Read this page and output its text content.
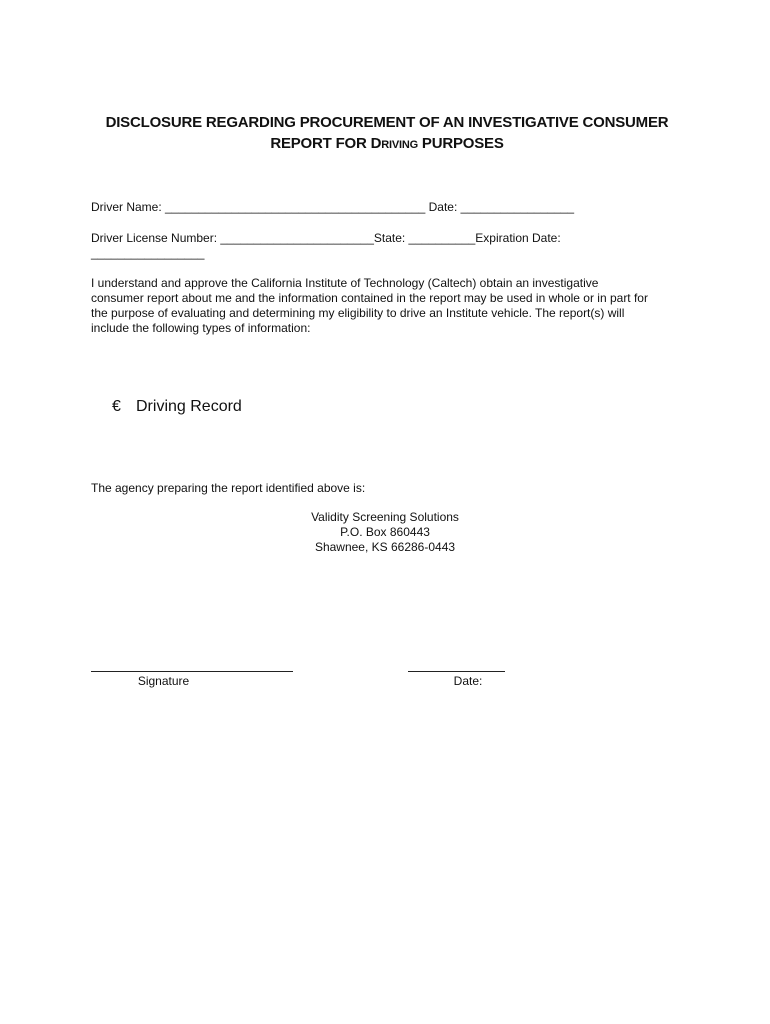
DISCLOSURE REGARDING PROCUREMENT OF AN INVESTIGATIVE CONSUMER
REPORT FOR Driving PURPOSES
Driver Name: _______________________________________ Date: _________________
Driver License Number: _______________________State: __________Expiration Date:
_________________
I understand and approve the California Institute of Technology (Caltech) obtain an investigative
consumer report about me and the information contained in the report may be used in whole or in part for
the purpose of evaluating and determining my eligibility to drive an Institute vehicle. The report(s) will
include the following types of information:
€ Driving Record
The agency preparing the report identified above is:
Validity Screening Solutions
P.O. Box 860443
Shawnee, KS 66286-0443
Signature	Date:
